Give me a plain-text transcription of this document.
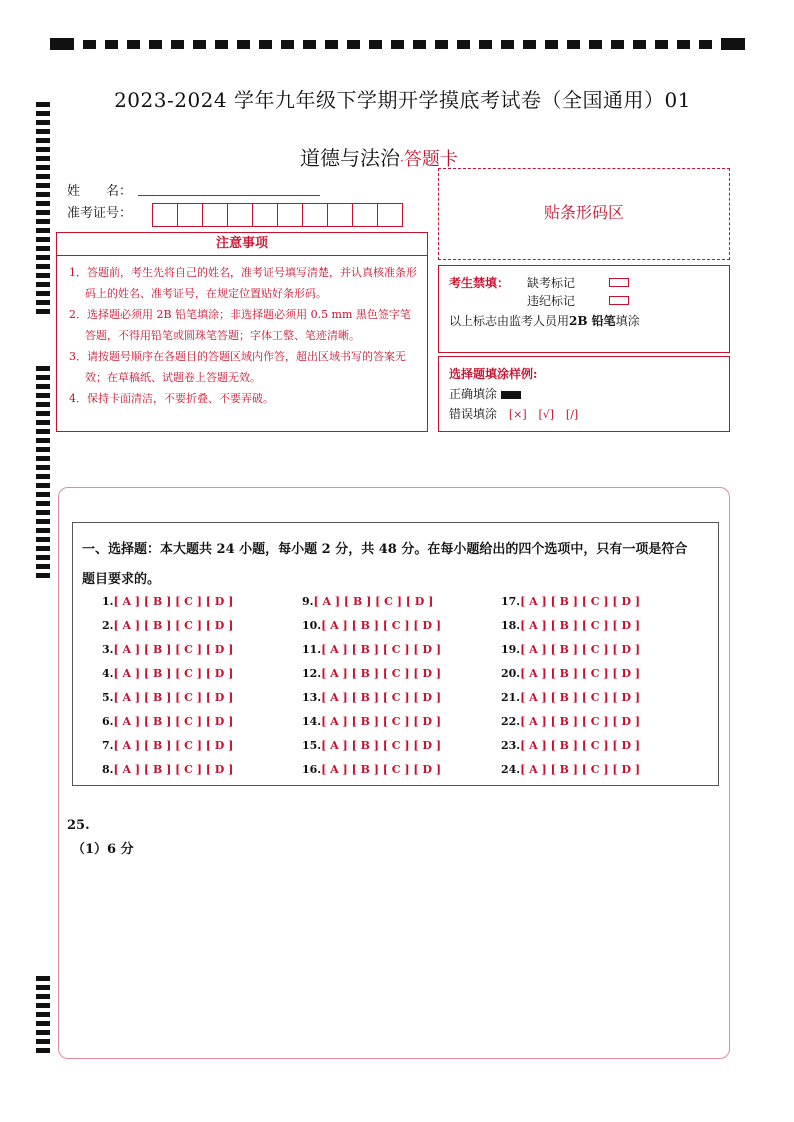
2023-2024 学年九年级下学期开学摸底考试卷（全国通用）01
道德与法治·答题卡
姓　　名：
准考证号：
注意事项
1．答题前，考生先将自己的姓名，准考证号填写清楚，并认真核准条形码上的姓名、准考证号，在规定位置贴好条形码。
2．选择题必须用 2B 铅笔填涂；非选择题必须用 0.5 mm 黑色签字笔答题，不得用铅笔或圆珠笔答题；字体工整、笔迹清晰。
3．请按题号顺序在各题目的答题区域内作答，超出区域书写的答案无效；在草稿纸、试题卷上答题无效。
4．保持卡面清洁，不要折叠、不要弄破。
贴条形码区
考生禁填： 缺考标记
违纪标记
以上标志由监考人员用2B 铅笔填涂
选择题填涂样例:
正确填涂
错误填涂 [×] [√] [/]
一、选择题：本大题共 24 小题，每小题 2 分，共 48 分。在每小题给出的四个选项中，只有一项是符合
题目要求的。
1.[ A ] [ B ] [ C ] [ D ]
2.[ A ] [ B ] [ C ] [ D ]
3.[ A ] [ B ] [ C ] [ D ]
4.[ A ] [ B ] [ C ] [ D ]
5.[ A ] [ B ] [ C ] [ D ]
6.[ A ] [ B ] [ C ] [ D ]
7.[ A ] [ B ] [ C ] [ D ]
8.[ A ] [ B ] [ C ] [ D ]
9.[ A ] [ B ] [ C ] [ D ]
10.[ A ] [ B ] [ C ] [ D ]
11.[ A ] [ B ] [ C ] [ D ]
12.[ A ] [ B ] [ C ] [ D ]
13.[ A ] [ B ] [ C ] [ D ]
14.[ A ] [ B ] [ C ] [ D ]
15.[ A ] [ B ] [ C ] [ D ]
16.[ A ] [ B ] [ C ] [ D ]
17.[ A ] [ B ] [ C ] [ D ]
18.[ A ] [ B ] [ C ] [ D ]
19.[ A ] [ B ] [ C ] [ D ]
20.[ A ] [ B ] [ C ] [ D ]
21.[ A ] [ B ] [ C ] [ D ]
22.[ A ] [ B ] [ C ] [ D ]
23.[ A ] [ B ] [ C ] [ D ]
24.[ A ] [ B ] [ C ] [ D ]
25.
（1）6 分
